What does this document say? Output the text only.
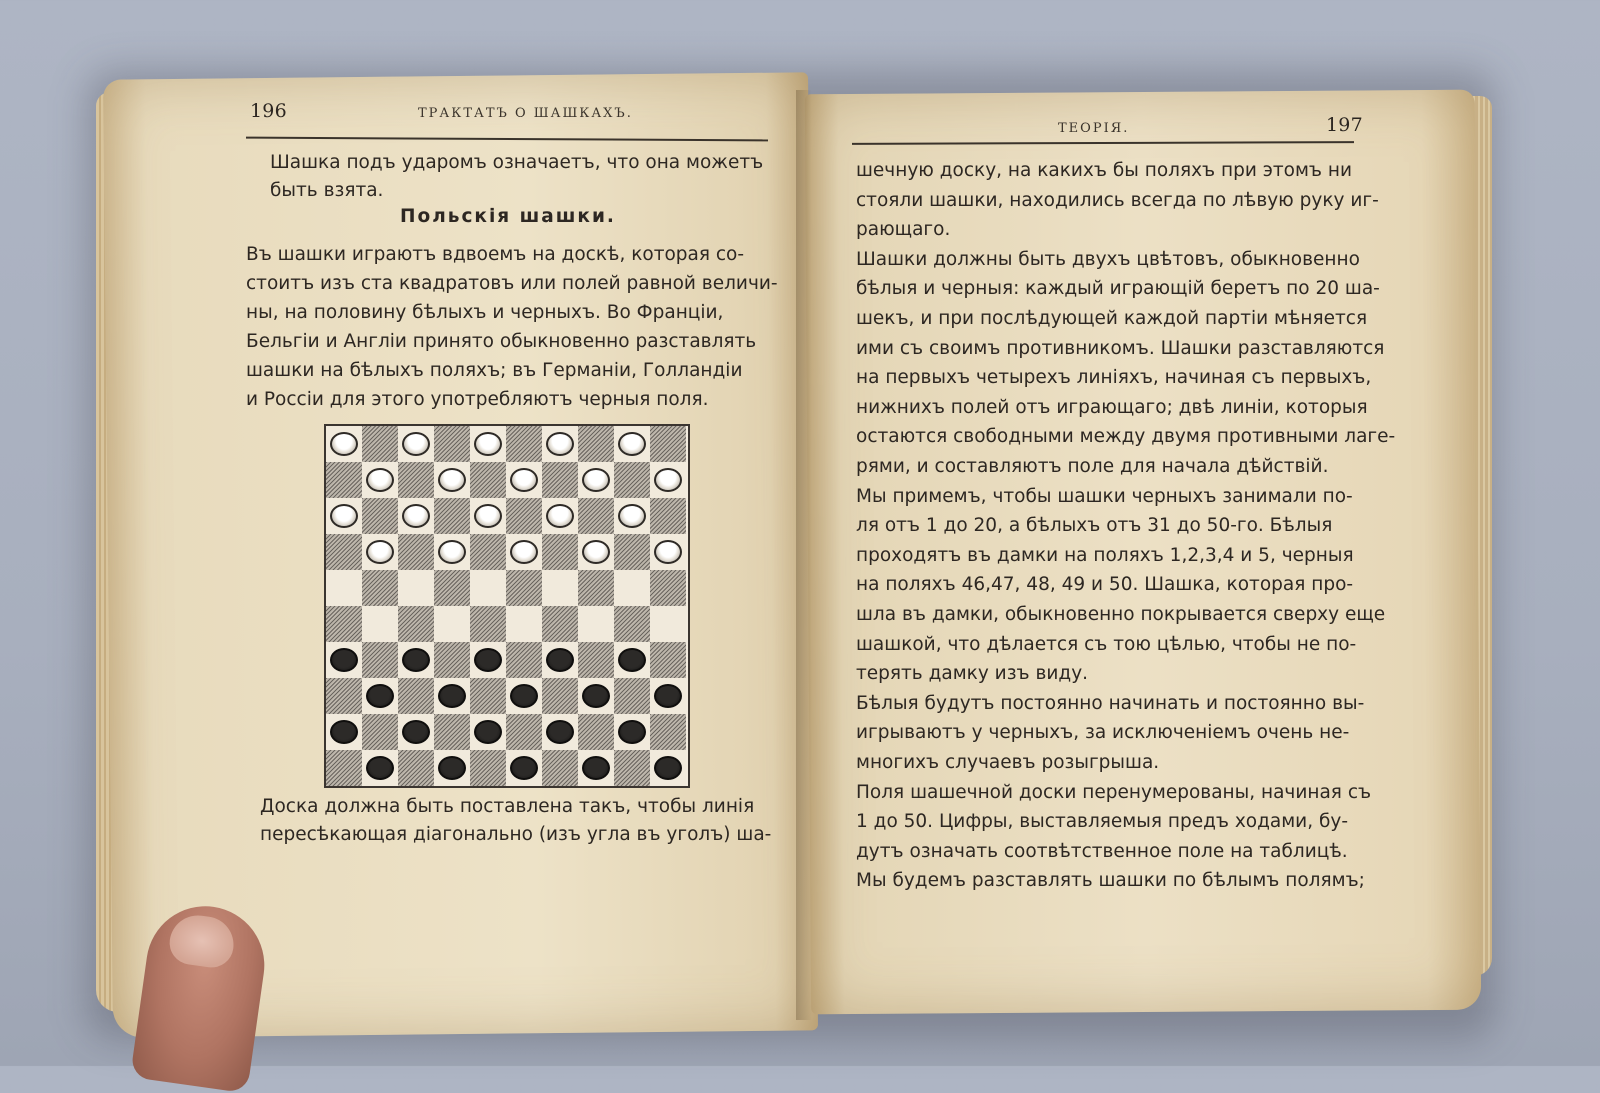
196	ТРАКТАТЪ О ШАШКАХЪ.
Шашка подъ ударомъ означаетъ, что она можетъ
быть взята.
Польскія шашки.
Въ шашки играютъ вдвоемъ на доскѣ, которая со-
стоитъ изъ ста квадратовъ или полей равной величи-
ны, на половину бѣлыхъ и черныхъ. Во Франціи,
Бельгіи и Англіи принято обыкновенно разставлять
шашки на бѣлыхъ поляхъ; въ Германіи, Голландіи
и Россіи для этого употребляютъ черныя поля.
Доска должна быть поставлена такъ, чтобы линія
пересѣкающая діагонально (изъ угла въ уголъ) ша-
ТЕОРІЯ.	197
шечную доску, на какихъ бы поляхъ при этомъ ни
стояли шашки, находились всегда по лѣвую руку иг-
рающаго.
Шашки должны быть двухъ цвѣтовъ, обыкновенно
бѣлыя и черныя: каждый играющій беретъ по 20 ша-
шекъ, и при послѣдующей каждой партіи мѣняется
ими съ своимъ противникомъ. Шашки разставляются
на первыхъ четырехъ линіяхъ, начиная съ первыхъ,
нижнихъ полей отъ играющаго; двѣ линіи, которыя
остаются свободными между двумя противными лаге-
рями, и составляютъ поле для начала дѣйствій.
Мы примемъ, чтобы шашки черныхъ занимали по-
ля отъ 1 до 20, а бѣлыхъ отъ 31 до 50-го. Бѣлыя
проходятъ въ дамки на поляхъ 1,2,3,4 и 5, черныя
на поляхъ 46,47, 48, 49 и 50. Шашка, которая про-
шла въ дамки, обыкновенно покрывается сверху еще
шашкой, что дѣлается съ тою цѣлью, чтобы не по-
терять дамку изъ виду.
Бѣлыя будутъ постоянно начинать и постоянно вы-
игрываютъ у черныхъ, за исключеніемъ очень не-
многихъ случаевъ розыгрыша.
Поля шашечной доски перенумерованы, начиная съ
1 до 50. Цифры, выставляемыя предъ ходами, бу-
дутъ означать соотвѣтственное поле на таблицѣ.
Мы будемъ разставлять шашки по бѣлымъ полямъ;
